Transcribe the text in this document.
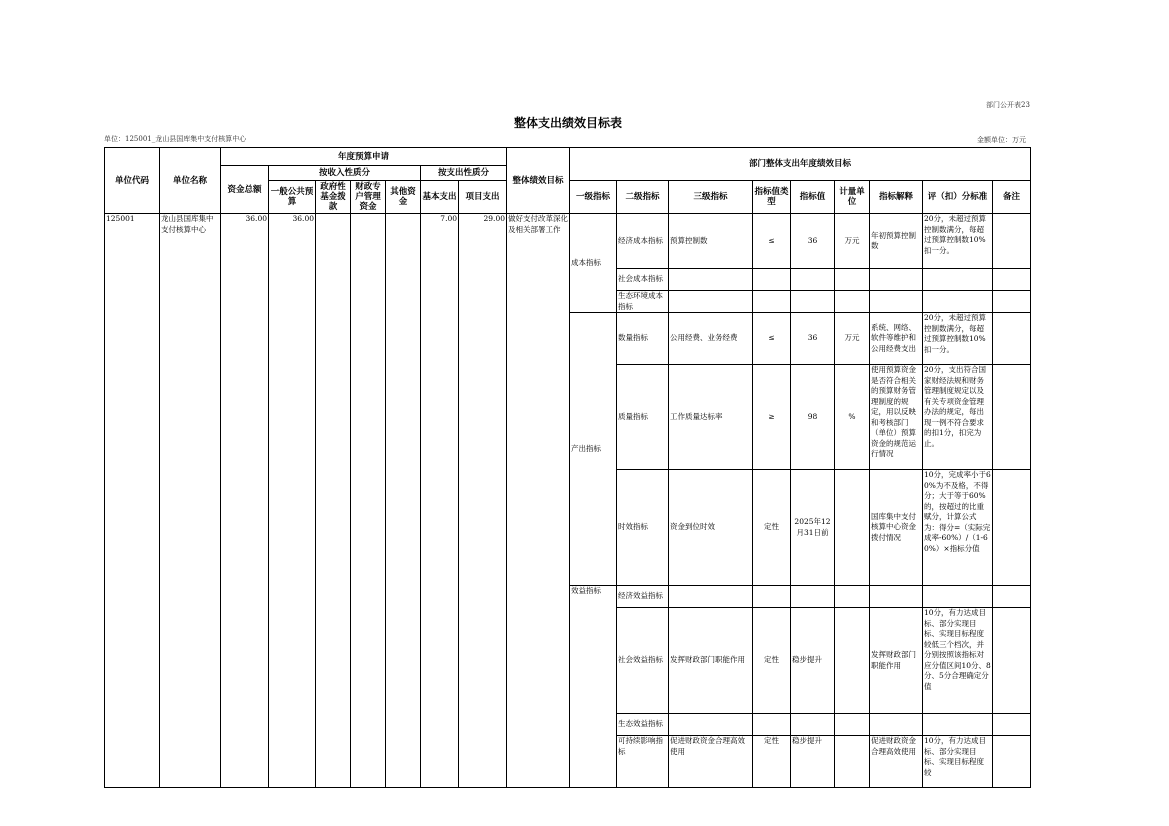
部门公开表23
整体支出绩效目标表
单位：125001_龙山县国库集中支付核算中心	金额单位：万元
单位代码	单位名称	年度预算申请							整体绩效目标	部门整体支出年度绩效目标								
		资金总额	按收入性质分				按支出性质分											
			一般公共预算	政府性基金拨款	财政专户管理资金	其他资金	基本支出	项目支出		一级指标	二级指标	三级指标	指标值类型	指标值	计量单位	指标解释	评（扣）分标准	备注
125001	龙山县国库集中支付核算中心	36.00	36.00				7.00	29.00	做好支付改革深化及相关部署工作	成本指标	经济成本指标	预算控制数	≤	36	万元	年初预算控制数	20分，未超过预算控制数满分，每超过预算控制数10%扣一分。	
											社会成本指标							
											生态环境成本指标							
										产出指标	数量指标	公用经费、业务经费	≤	36	万元	系统、网络、软件等维护和公用经费支出	20分，未超过预算控制数满分，每超过预算控制数10%扣一分。	
											质量指标	工作质量达标率	≥	98	%	使用预算资金是否符合相关的预算财务管理制度的规定，用以反映和考核部门（单位）预算资金的规范运行情况	20分，支出符合国家财经法规和财务管理制度规定以及有关专项资金管理办法的规定，每出现一例不符合要求的扣1分，扣完为止。	
											时效指标	资金到位时效	定性	2025年12月31日前		国库集中支付核算中心资金拨付情况	10分，完成率小于60%为不及格，不得分；大于等于60%的，按超过的比重赋分，计算公式为：得分=（实际完成率-60%）/（1-60%）×指标分值	
										效益指标	经济效益指标							
											社会效益指标	发挥财政部门职能作用	定性	稳步提升		发挥财政部门职能作用	10分，有力达成目标、部分实现目标、实现目标程度较低三个档次，并分别按照该指标对应分值区间10分、8分、5分合理确定分值	
											生态效益指标							
											可持续影响指标	促进财政资金合理高效使用	定性	稳步提升		促进财政资金合理高效使用	10分，有力达成目标、部分实现目标、实现目标程度较	
